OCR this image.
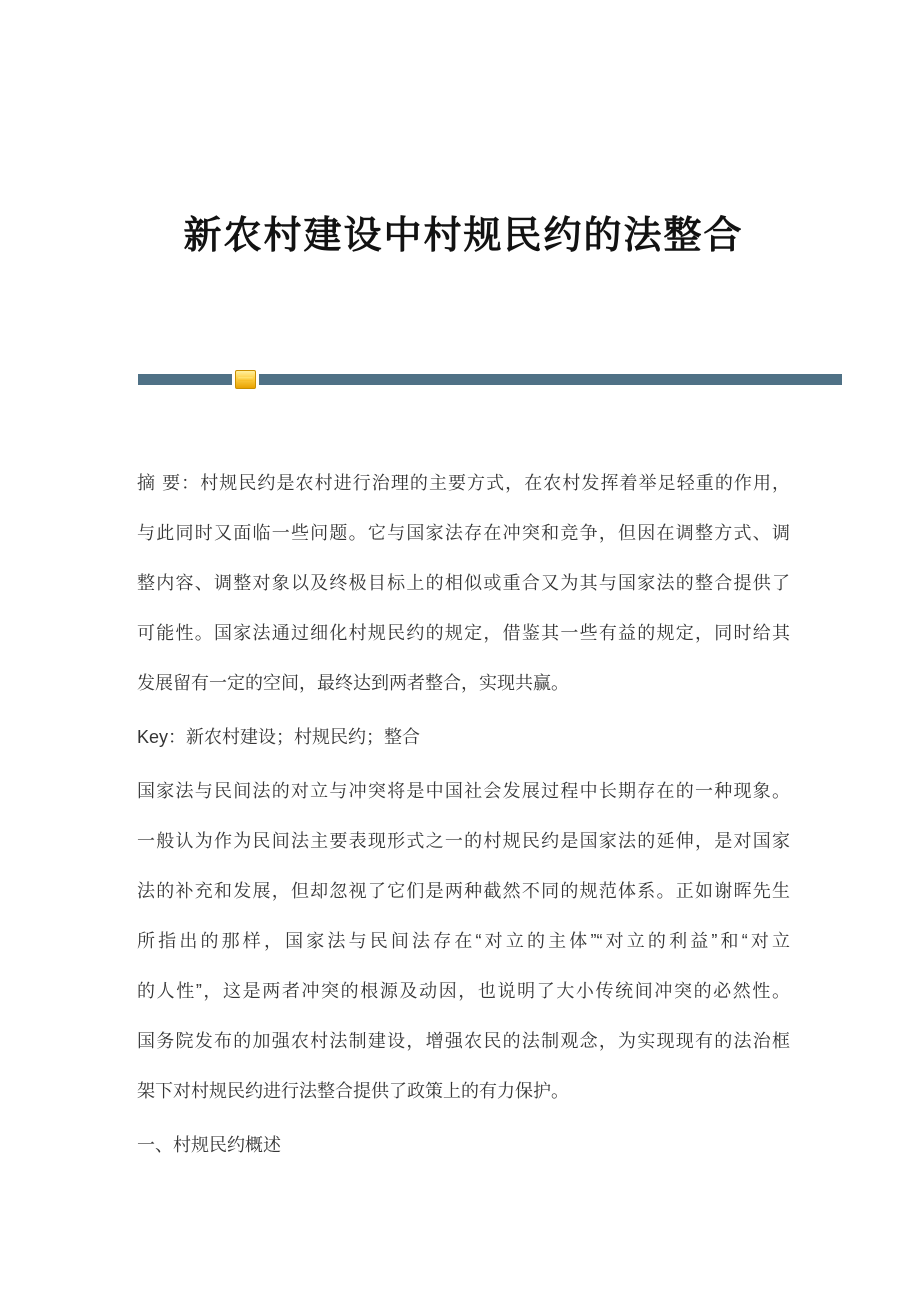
新农村建设中村规民约的法整合

摘 要：村规民约是农村进行治理的主要方式，在农村发挥着举足轻重的作用，
与此同时又面临一些问题。它与国家法存在冲突和竞争，但因在调整方式、调
整内容、调整对象以及终极目标上的相似或重合又为其与国家法的整合提供了
可能性。国家法通过细化村规民约的规定，借鉴其一些有益的规定，同时给其
发展留有一定的空间，最终达到两者整合，实现共赢。

Key：新农村建设；村规民约；整合

国家法与民间法的对立与冲突将是中国社会发展过程中长期存在的一种现象。
一般认为作为民间法主要表现形式之一的村规民约是国家法的延伸，是对国家
法的补充和发展，但却忽视了它们是两种截然不同的规范体系。正如谢晖先生
所指出的那样，国家法与民间法存在“对立的主体”“对立的利益”和“对立
的人性”，这是两者冲突的根源及动因，也说明了大小传统间冲突的必然性。
国务院发布的加强农村法制建设，增强农民的法制观念，为实现现有的法治框
架下对村规民约进行法整合提供了政策上的有力保护。

一、村规民约概述
